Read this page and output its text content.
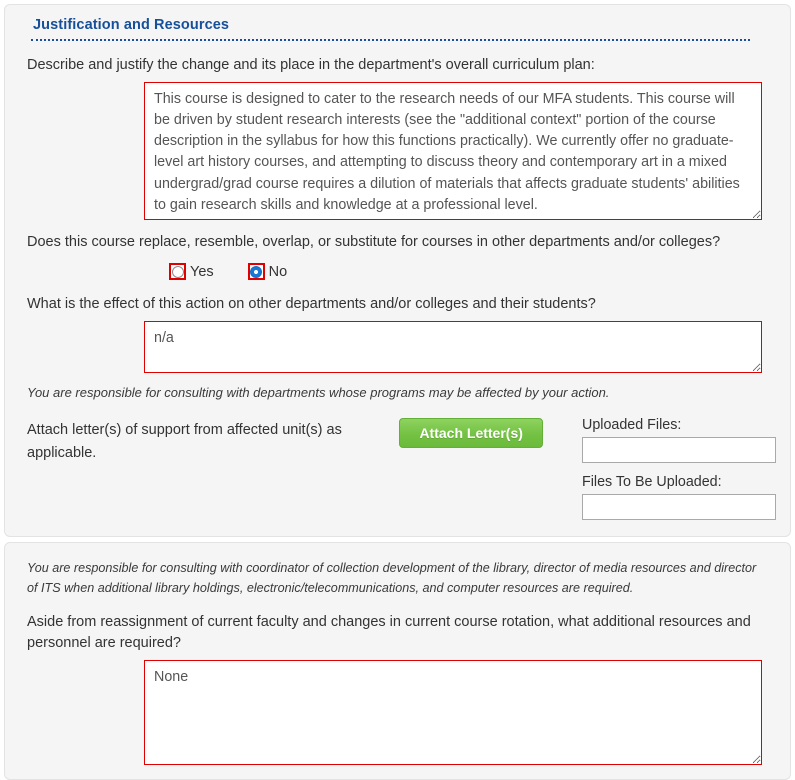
Justification and Resources
Describe and justify the change and its place in the department's overall curriculum plan:
This course is designed to cater to the research needs of our MFA students. This course will be driven by student research interests (see the "additional context" portion of the course description in the syllabus for how this functions practically). We currently offer no graduate-level art history courses, and attempting to discuss theory and contemporary art in a mixed undergrad/grad course requires a dilution of materials that affects graduate students' abilities to gain research skills and knowledge at a professional level.
Does this course replace, resemble, overlap, or substitute for courses in other departments and/or colleges?
Yes	No
What is the effect of this action on other departments and/or colleges and their students?
n/a
You are responsible for consulting with departments whose programs may be affected by your action.
Attach letter(s) of support from affected unit(s) as applicable.
Attach Letter(s)	Uploaded Files:
Files To Be Uploaded:
You are responsible for consulting with coordinator of collection development of the library, director of media resources and director of ITS when additional library holdings, electronic/telecommunications, and computer resources are required.
Aside from reassignment of current faculty and changes in current course rotation, what additional resources and personnel are required?
None
